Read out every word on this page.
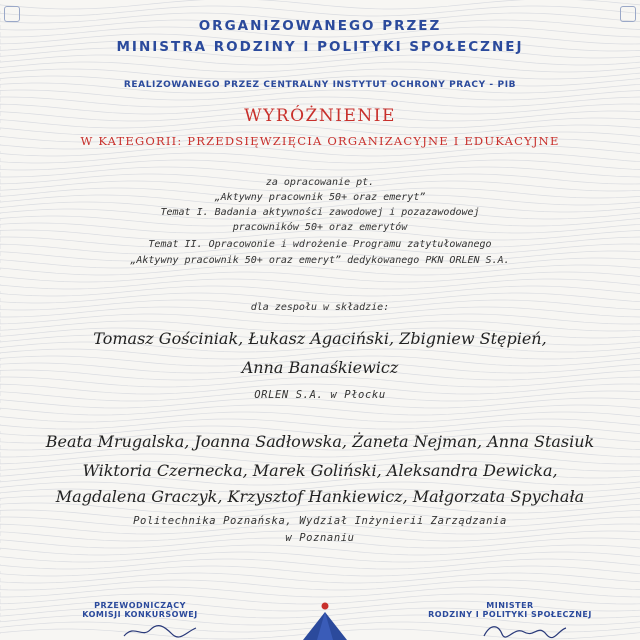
ORGANIZOWANEGO PRZEZ
MINISTRA RODZINY I POLITYKI SPOŁECZNEJ
REALIZOWANEGO PRZEZ CENTRALNY INSTYTUT OCHRONY PRACY - PIB
WYRÓŻNIENIE
W KATEGORII: PRZEDSIĘWZIĘCIA ORGANIZACYJNE I EDUKACYJNE
za opracowanie pt.
„Aktywny pracownik 50+ oraz emeryt”
Temat I. Badania aktywności zawodowej i pozazawodowej
pracowników 50+ oraz emerytów
Temat II. Opracowonie i wdrożenie Programu zatytułowanego
„Aktywny pracownik 50+ oraz emeryt” dedykowanego PKN ORLEN S.A.
dla zespołu w składzie:
Tomasz Gościniak, Łukasz Agaciński, Zbigniew Stępień,
Anna Banaśkiewicz
ORLEN S.A. w Płocku
Beata Mrugalska, Joanna Sadłowska, Żaneta Nejman, Anna Stasiuk
Wiktoria Czernecka, Marek Goliński, Aleksandra Dewicka,
Magdalena Graczyk, Krzysztof Hankiewicz, Małgorzata Spychała
Politechnika Poznańska, Wydział Inżynierii Zarządzania
w Poznaniu
PRZEWODNICZĄCY
KOMISJI KONKURSOWEJ
MINISTER
RODZINY I POLITYKI SPOŁECZNEJ
